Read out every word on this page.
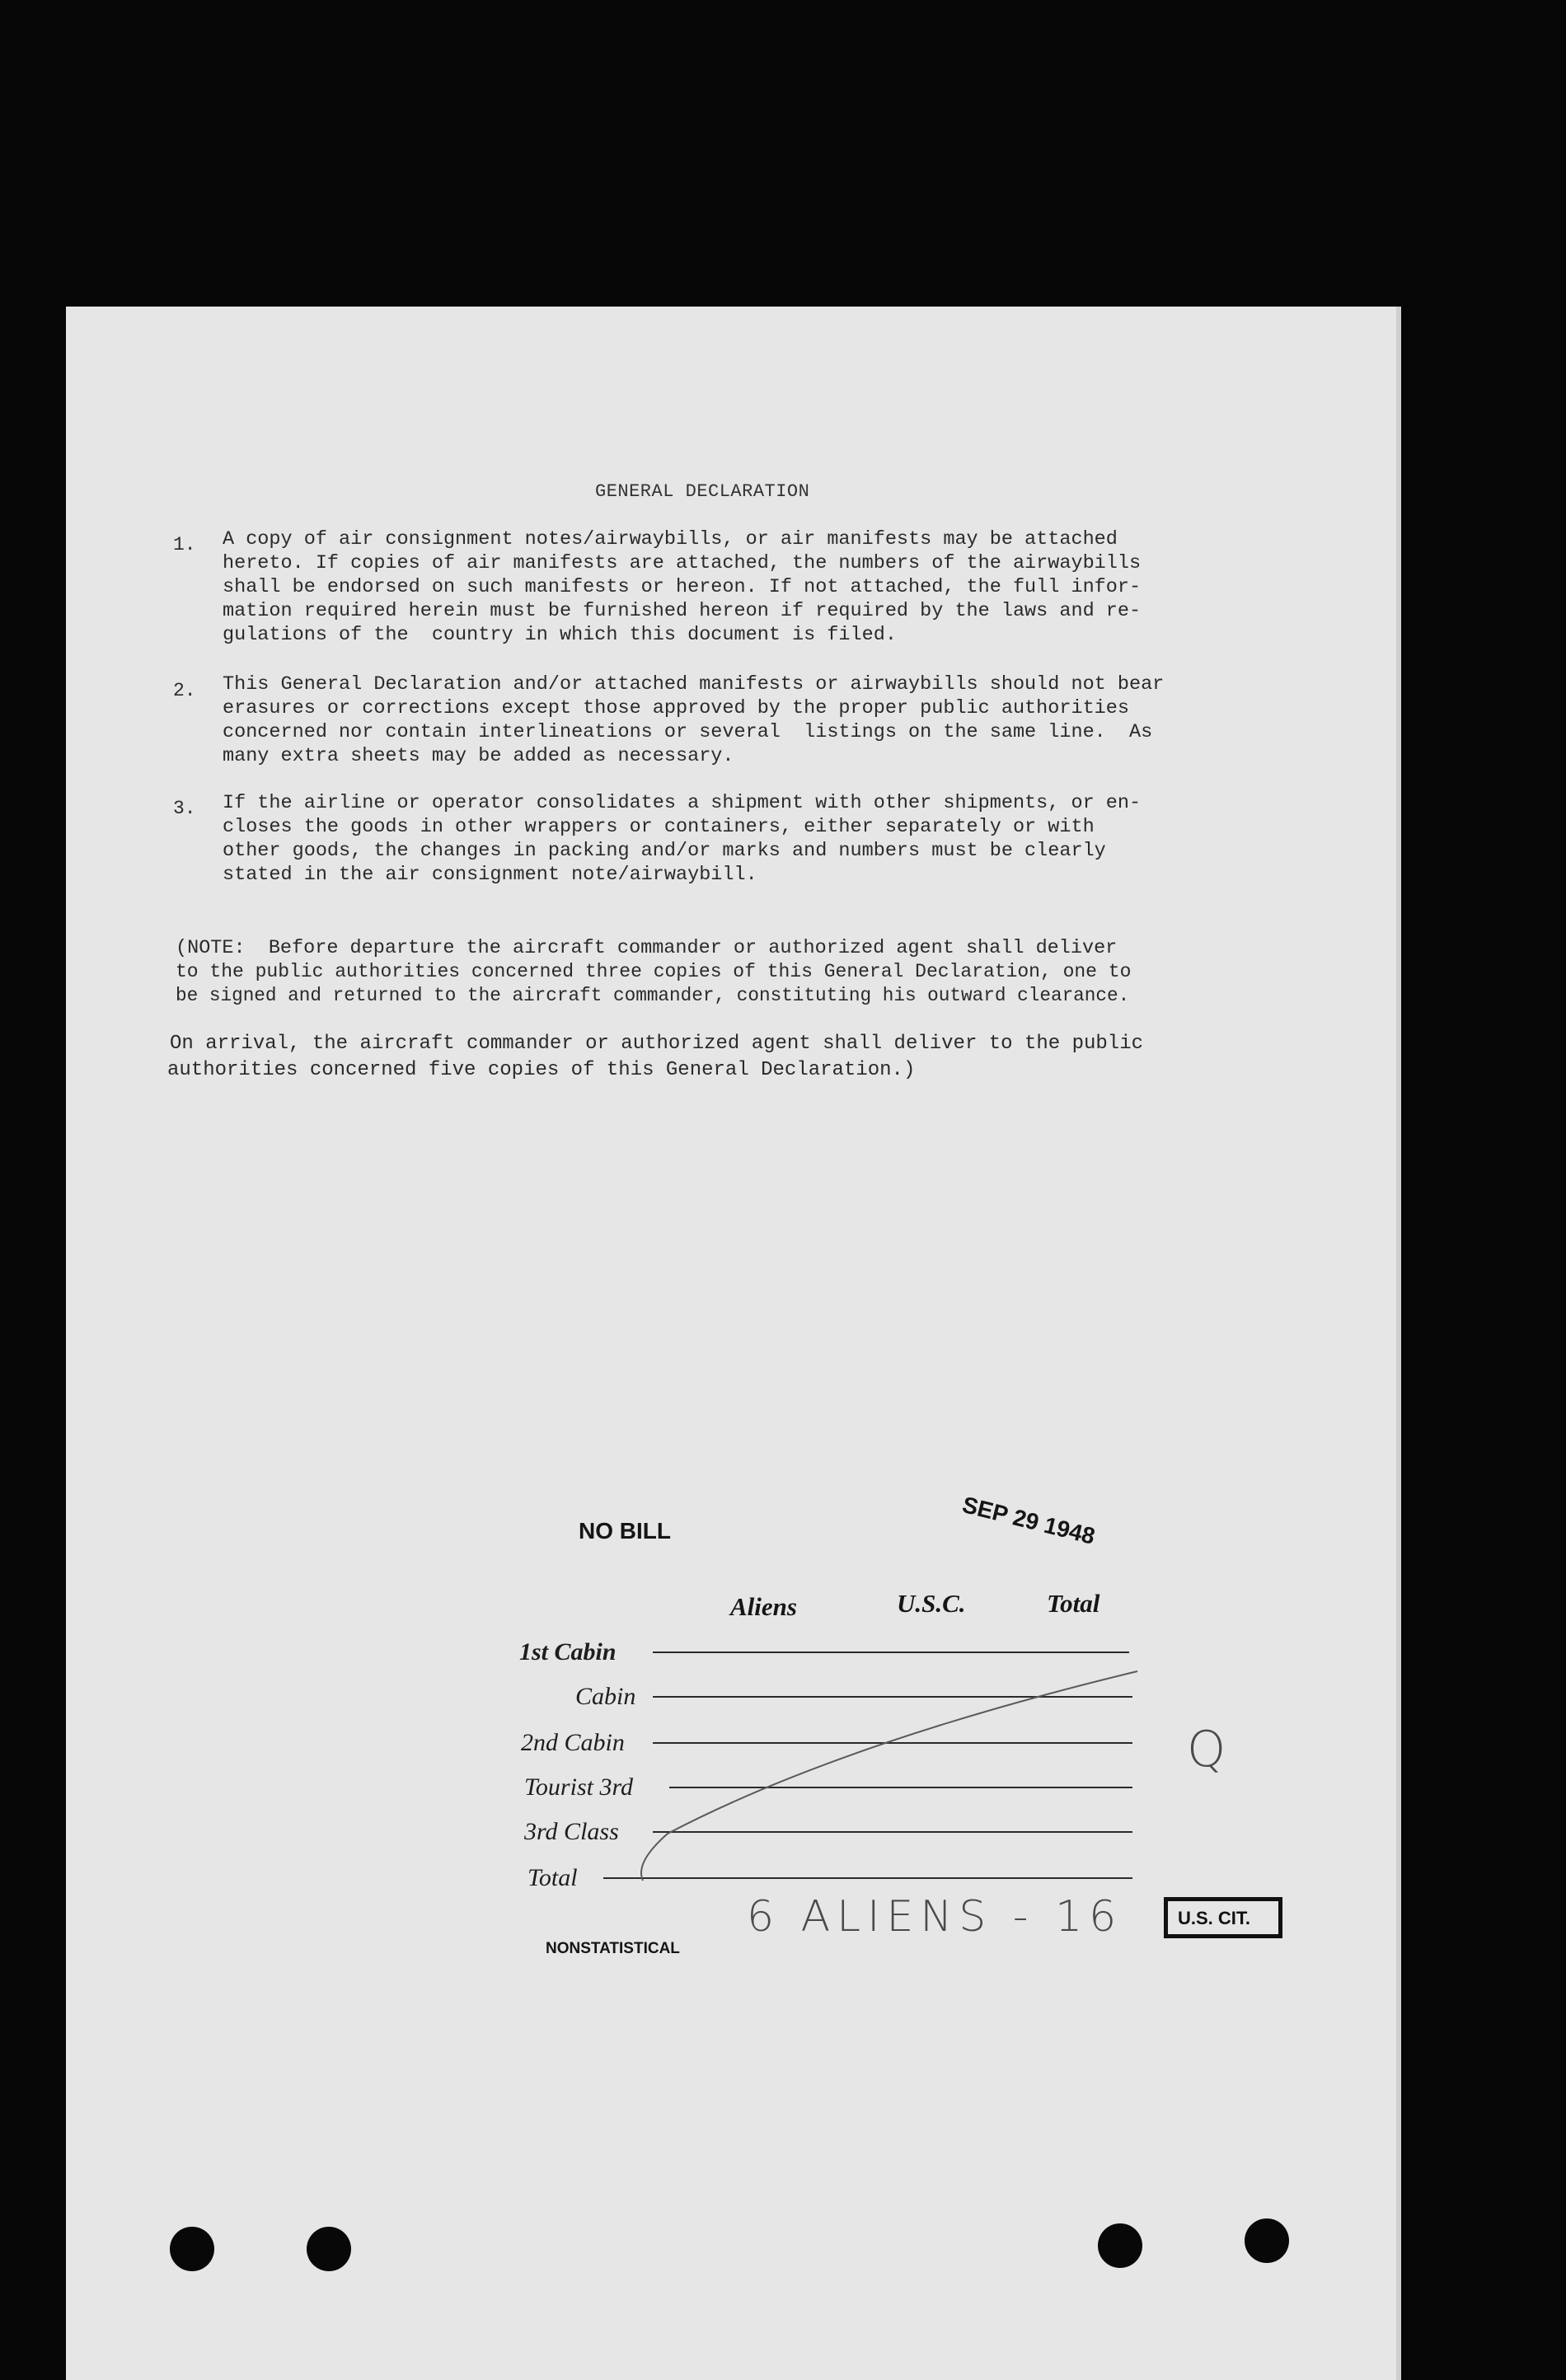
GENERAL DECLARATION
1. A copy of air consignment notes/airwaybills, or air manifests may be attached
hereto. If copies of air manifests are attached, the numbers of the airwaybills
shall be endorsed on such manifests or hereon. If not attached, the full infor-
mation required herein must be furnished hereon if required by the laws and re-
gulations of the  country in which this document is filed.
2. This General Declaration and/or attached manifests or airwaybills should not bear
erasures or corrections except those approved by the proper public authorities
concerned nor contain interlineations or several  listings on the same line.  As
many extra sheets may be added as necessary.
3. If the airline or operator consolidates a shipment with other shipments, or en-
closes the goods in other wrappers or containers, either separately or with
other goods, the changes in packing and/or marks and numbers must be clearly
stated in the air consignment note/airwaybill.
(NOTE:  Before departure the aircraft commander or authorized agent shall deliver
to the public authorities concerned three copies of this General Declaration, one to
be signed and returned to the aircraft commander, constituting his outward clearance.
On arrival, the aircraft commander or authorized agent shall deliver to the public
authorities concerned five copies of this General Declaration.)
NO BILL	SEP 29 1948
Aliens	U.S.C.	Total
1st Cabin
Cabin
2nd Cabin
Tourist 3rd
3rd Class
Total
NONSTATISTICAL
6 ALIENS - 16
Q
U.S. CIT.
